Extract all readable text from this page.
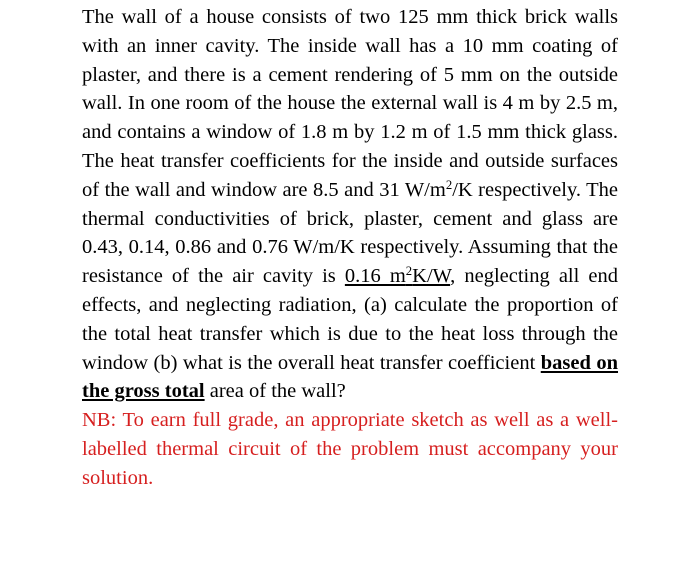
The wall of a house consists of two 125 mm thick brick walls with an inner cavity. The inside wall has a 10 mm coating of plaster, and there is a cement rendering of 5 mm on the outside wall. In one room of the house the external wall is 4 m by 2.5 m, and contains a window of 1.8 m by 1.2 m of 1.5 mm thick glass. The heat transfer coefficients for the inside and outside surfaces of the wall and window are 8.5 and 31 $W/m^2/K$ respectively. The thermal conductivities of brick, plaster, cement and glass are 0.43, 0.14, 0.86 and 0.76 W/m/K respectively. Assuming that the resistance of the air cavity is 0.16 $m^2K/W$, neglecting all end effects, and neglecting radiation, (a) calculate the proportion of the total heat transfer which is due to the heat loss through the window (b) what is the overall heat transfer coefficient based on the gross total area of the wall?

NB: To earn full grade, an appropriate sketch as well as a well-labelled thermal circuit of the problem must accompany your solution.
